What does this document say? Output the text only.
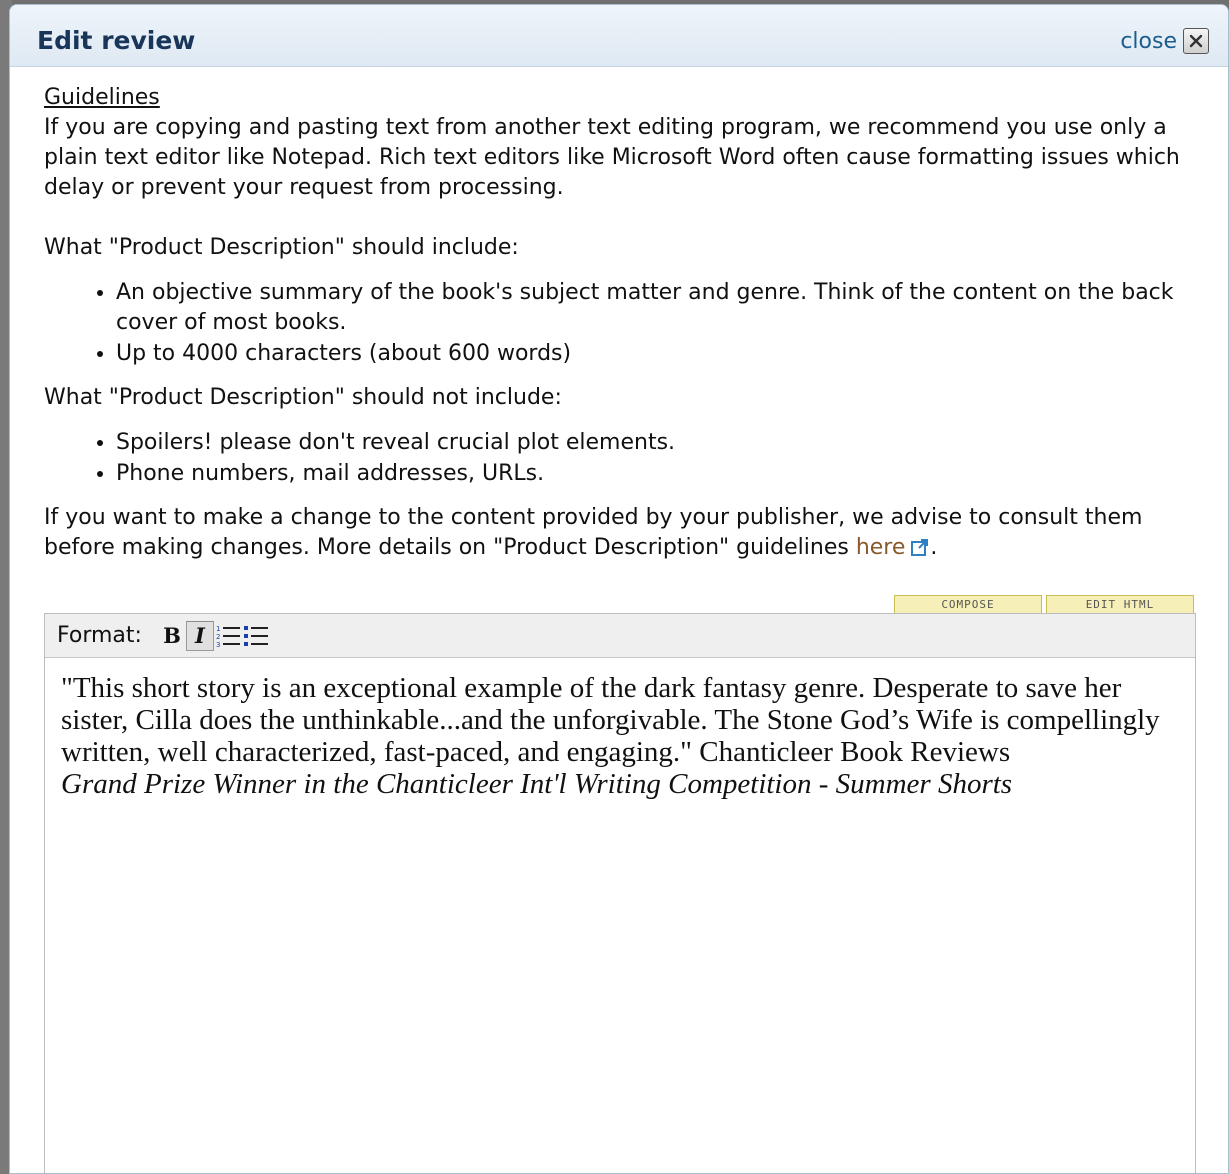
Edit review	close
Guidelines
If you are copying and pasting text from another text editing program, we recommend you use only a plain text editor like Notepad. Rich text editors like Microsoft Word often cause formatting issues which delay or prevent your request from processing.
What "Product Description" should include:
• An objective summary of the book's subject matter and genre. Think of the content on the back cover of most books.
• Up to 4000 characters (about 600 words)
What "Product Description" should not include:
• Spoilers! please don't reveal crucial plot elements.
• Phone numbers, mail addresses, URLs.
If you want to make a change to the content provided by your publisher, we advise to consult them before making changes. More details on "Product Description" guidelines here .
COMPOSE	EDIT HTML
Format: B I	1
2
3
"This short story is an exceptional example of the dark fantasy genre. Desperate to save her sister, Cilla does the unthinkable...and the unforgivable. The Stone God’s Wife is compellingly written, well characterized, fast-paced, and engaging." Chanticleer Book Reviews
Grand Prize Winner in the Chanticleer Int'l Writing Competition - Summer Shorts
